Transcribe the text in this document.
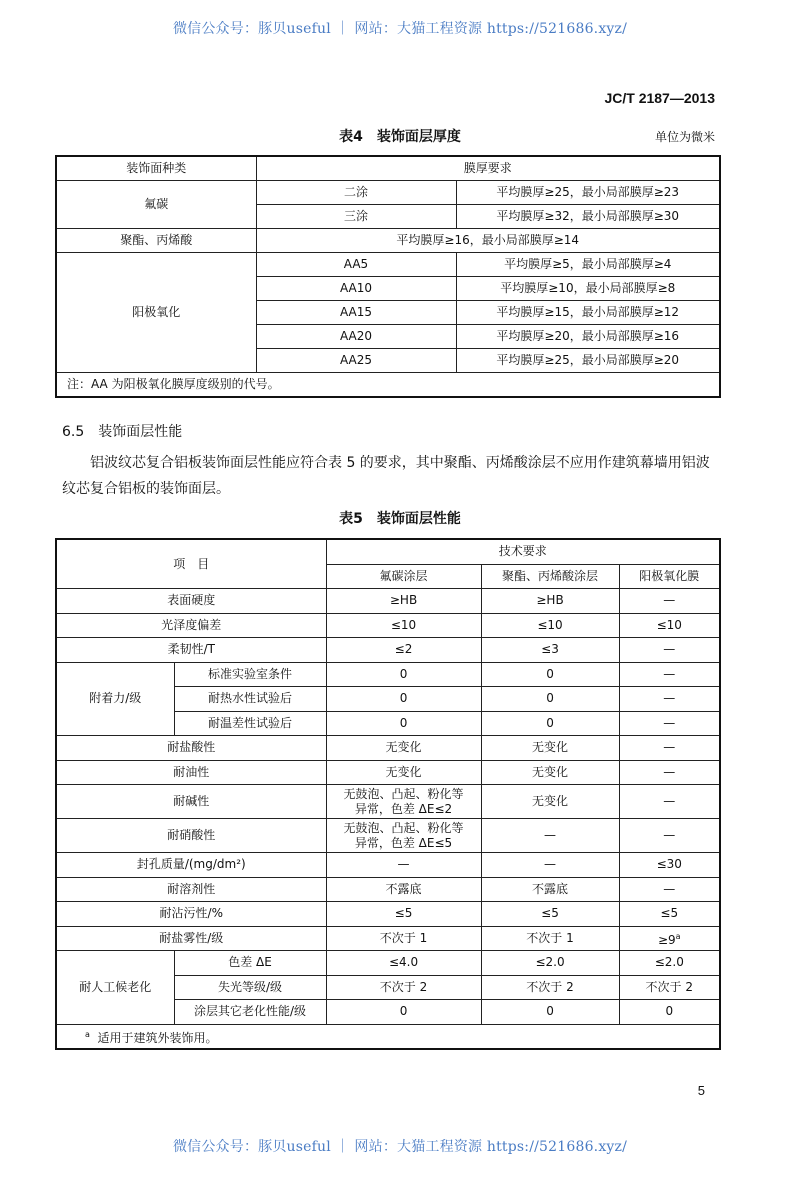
微信公众号：豚贝useful ｜ 网站：大猫工程资源 https://521686.xyz/
JC/T 2187—2013
表4　装饰面层厚度	单位为微米
装饰面种类	膜厚要求	
氟碳	二涂	平均膜厚≥25，最小局部膜厚≥23
	三涂	平均膜厚≥32，最小局部膜厚≥30
聚酯、丙烯酸	平均膜厚≥16，最小局部膜厚≥14	
阳极氧化	AA5	平均膜厚≥5，最小局部膜厚≥4
	AA10	平均膜厚≥10，最小局部膜厚≥8
	AA15	平均膜厚≥15，最小局部膜厚≥12
	AA20	平均膜厚≥20，最小局部膜厚≥16
	AA25	平均膜厚≥25，最小局部膜厚≥20
注：AA 为阳极氧化膜厚度级别的代号。		
6.5 装饰面层性能
铝波纹芯复合铝板装饰面层性能应符合表 5 的要求，其中聚酯、丙烯酸涂层不应用作建筑幕墙用铝波纹芯复合铝板的装饰面层。
表5　装饰面层性能
项　目		技术要求		
		氟碳涂层	聚酯、丙烯酸涂层	阳极氧化膜
表面硬度		≥HB	≥HB	—
光泽度偏差		≤10	≤10	≤10
柔韧性/T		≤2	≤3	—
附着力/级	标准实验室条件	0	0	—
	耐热水性试验后	0	0	—
	耐温差性试验后	0	0	—
耐盐酸性		无变化	无变化	—
耐油性		无变化	无变化	—
耐碱性		无鼓泡、凸起、粉化等
异常，色差 ΔE≤2	无变化	—
耐硝酸性		无鼓泡、凸起、粉化等
异常，色差 ΔE≤5	—	—
封孔质量/(mg/dm²)		—	—	≤30
耐溶剂性		不露底	不露底	—
耐沾污性/%		≤5	≤5	≤5
耐盐雾性/级		不次于 1	不次于 1	$\ge 9^a$
耐人工候老化	色差 ΔE	≤4.0	≤2.0	≤2.0
	失光等级/级	不次于 2	不次于 2	不次于 2
	涂层其它老化性能/级	0	0	0
$^a$ 适用于建筑外装饰用。				
5
微信公众号：豚贝useful ｜ 网站：大猫工程资源 https://521686.xyz/
